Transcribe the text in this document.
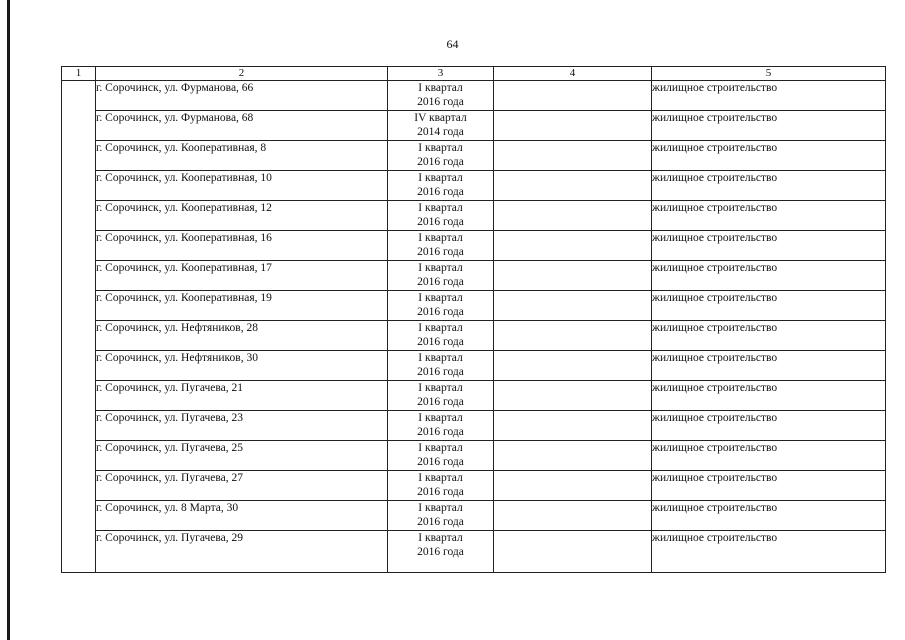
64
1	2	3	4	5
	г. Сорочинск, ул. Фурманова, 66	I квартал
2016 года		жилищное строительство
	г. Сорочинск, ул. Фурманова, 68	IV квартал
2014 года		жилищное строительство
	г. Сорочинск, ул. Кооперативная, 8	I квартал
2016 года		жилищное строительство
	г. Сорочинск, ул. Кооперативная, 10	I квартал
2016 года		жилищное строительство
	г. Сорочинск, ул. Кооперативная, 12	I квартал
2016 года		жилищное строительство
	г. Сорочинск, ул. Кооперативная, 16	I квартал
2016 года		жилищное строительство
	г. Сорочинск, ул. Кооперативная, 17	I квартал
2016 года		жилищное строительство
	г. Сорочинск, ул. Кооперативная, 19	I квартал
2016 года		жилищное строительство
	г. Сорочинск, ул. Нефтяников, 28	I квартал
2016 года		жилищное строительство
	г. Сорочинск, ул. Нефтяников, 30	I квартал
2016 года		жилищное строительство
	г. Сорочинск, ул. Пугачева, 21	I квартал
2016 года		жилищное строительство
	г. Сорочинск, ул. Пугачева, 23	I квартал
2016 года		жилищное строительство
	г. Сорочинск, ул. Пугачева, 25	I квартал
2016 года		жилищное строительство
	г. Сорочинск, ул. Пугачева, 27	I квартал
2016 года		жилищное строительство
	г. Сорочинск, ул. 8 Марта, 30	I квартал
2016 года		жилищное строительство
	г. Сорочинск, ул. Пугачева, 29	I квартал
2016 года		жилищное строительство
